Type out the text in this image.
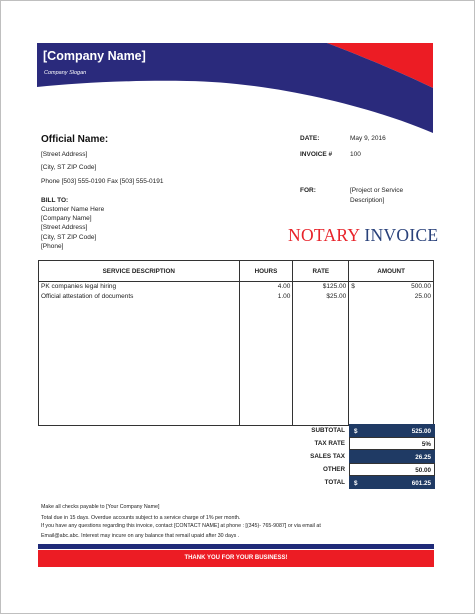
[Company Name]
Company Slogan
Official Name:
[Street Address]
[City, ST ZIP Code]
Phone [503] 555-0190 Fax [503] 555-0191
BILL TO:
Customer Name Here
[Company Name]
[Street Address]
[City, ST ZIP Code]
[Phone]
DATE:	May 9, 2016
INVOICE #	100
FOR:	[Project or Service
Description]
NOTARY INVOICE
SERVICE DESCRIPTION	HOURS	RATE	AMOUNT
PK companies legal hiring	4.00	$125.00	$ 500.00

Official attestation of documents	1.00	$25.00	25.00

SUBTOTAL $	525.00
TAX RATE	5%
SALES TAX	26.25
OTHER	50.00
TOTAL $	601.25
Make all checks payable to [Your Company Name]
Total due in 15 days. Overdue accounts subject to a service charge of 1% per month.
If you have any questions regarding this invoice, contact [CONTACT NAME] at phone : [(345)- 765-9087] or via email at
Email@abc.abc. Interest may incure on any balance that remail upaid after 30 days .
THANK YOU FOR YOUR BUSINESS!
